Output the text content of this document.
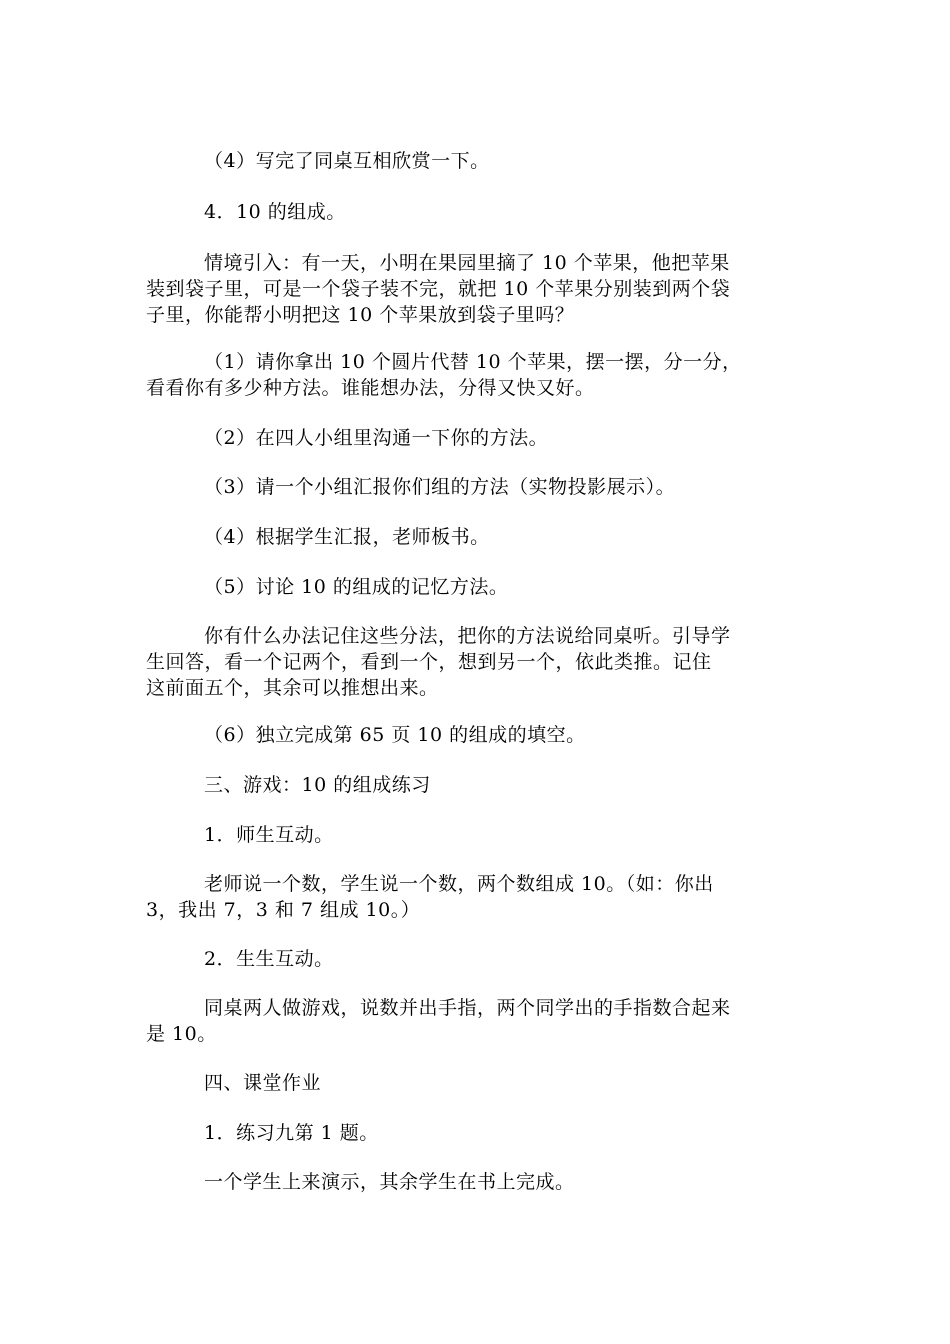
（4）写完了同桌互相欣赏一下。

4．10 的组成。

情境引入：有一天，小明在果园里摘了 10 个苹果，他把苹果
装到袋子里，可是一个袋子装不完，就把 10 个苹果分别装到两个袋
子里，你能帮小明把这 10 个苹果放到袋子里吗？

（1）请你拿出 10 个圆片代替 10 个苹果，摆一摆，分一分，
看看你有多少种方法。谁能想办法，分得又快又好。

（2）在四人小组里沟通一下你的方法。

（3）请一个小组汇报你们组的方法（实物投影展示）。

（4）根据学生汇报，老师板书。

（5）讨论 10 的组成的记忆方法。

你有什么办法记住这些分法，把你的方法说给同桌听。引导学
生回答，看一个记两个，看到一个，想到另一个，依此类推。记住
这前面五个，其余可以推想出来。

（6）独立完成第 65 页 10 的组成的填空。

三、游戏：10 的组成练习

1．师生互动。

老师说一个数，学生说一个数，两个数组成 10。（如：你出
3，我出 7，3 和 7 组成 10。）

2．生生互动。

同桌两人做游戏，说数并出手指，两个同学出的手指数合起来
是 10。

四、课堂作业

1．练习九第 1 题。

一个学生上来演示，其余学生在书上完成。
